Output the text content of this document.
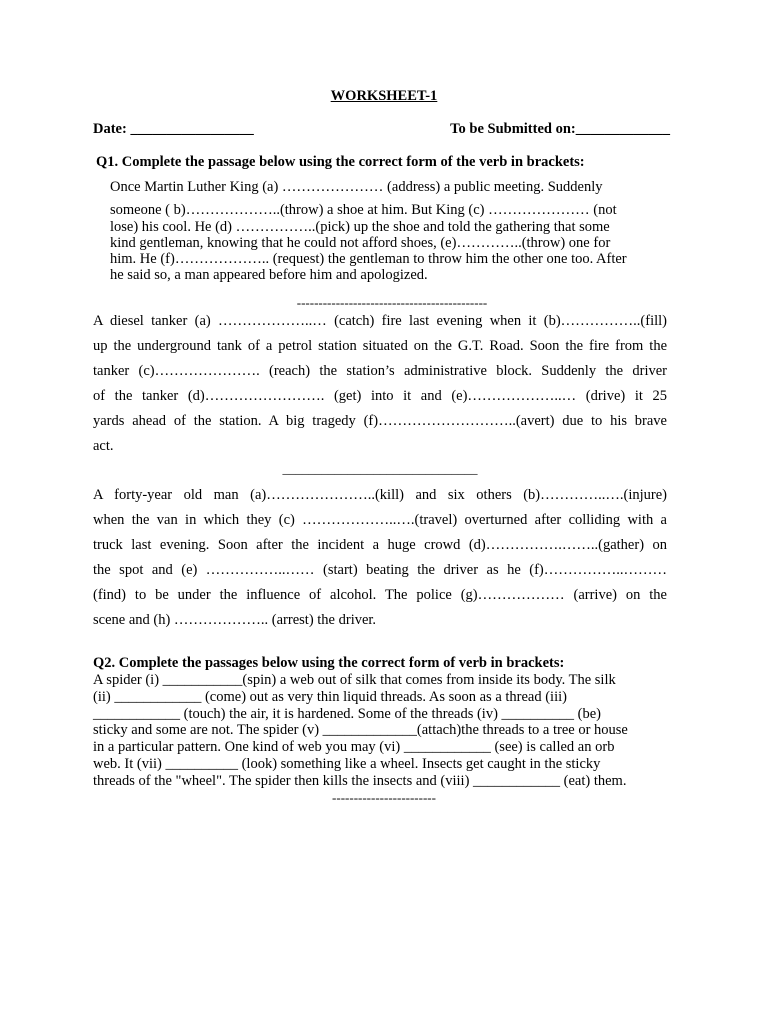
WORKSHEET-1
Date: _________________	To be Submitted on:_____________
Q1. Complete the passage below using the correct form of the verb in brackets:
Once Martin Luther King (a) ………………… (address) a public meeting. Suddenly
someone ( b)………………..(throw) a shoe at him. But King (c) ………………… (not
lose) his cool. He (d) ……………..(pick) up the shoe and told the gathering that some
kind gentleman, knowing that he could not afford shoes, (e)…………..(throw) one for
him. He (f)……………….. (request) the gentleman to throw him the other one too. After
he said so, a man appeared before him and apologized.
--------------------------------------------
A diesel tanker (a) ………………..… (catch) fire last evening when it (b)……………..(fill)
up the underground tank of a petrol station situated on the G.T. Road. Soon the fire from the
tanker (c)…………………. (reach) the station’s administrative block. Suddenly the driver
of the tanker (d)……………………. (get) into it and (e)………………..… (drive) it 25
yards ahead of the station. A big tragedy (f)………………………..(avert) due to his brave
act.
______________________________
A forty-year old man (a)…………………..(kill) and six others (b)…………..….(injure)
when the van in which they (c) ………………..….(travel) overturned after colliding with a
truck last evening. Soon after the incident a huge crowd (d)…………….……..(gather) on
the spot and (e) ……………..…… (start) beating the driver as he (f)……………..………
(find) to be under the influence of alcohol. The police (g)……………… (arrive) on the
scene and (h) ……………….. (arrest) the driver.
Q2. Complete the passages below using the correct form of verb in brackets:
A spider (i) ___________(spin) a web out of silk that comes from inside its body. The silk
(ii) ____________ (come) out as very thin liquid threads. As soon as a thread (iii)
____________ (touch) the air, it is hardened. Some of the threads (iv) __________ (be)
sticky and some are not. The spider (v) _____________(attach)the threads to a tree or house
in a particular pattern. One kind of web you may (vi) ____________ (see) is called an orb
web. It (vii) __________ (look) something like a wheel. Insects get caught in the sticky
threads of the "wheel". The spider then kills the insects and (viii) ____________ (eat) them.
------------------------
